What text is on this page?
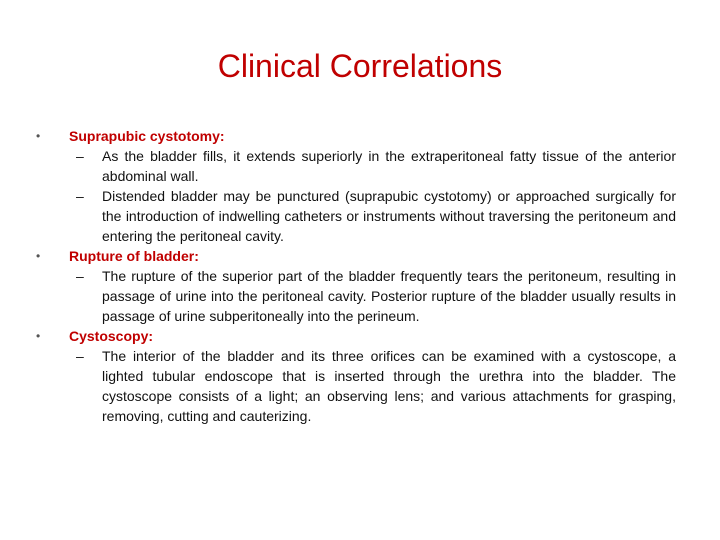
Clinical Correlations
• Suprapubic cystotomy:
– As the bladder fills, it extends superiorly in the extraperitoneal fatty tissue of the anterior abdominal wall.
– Distended bladder may be punctured (suprapubic cystotomy) or approached surgically for the introduction of indwelling catheters or instruments without traversing the peritoneum and entering the peritoneal cavity.
• Rupture of bladder:
– The rupture of the superior part of the bladder frequently tears the peritoneum, resulting in passage of urine into the peritoneal cavity. Posterior rupture of the bladder usually results in passage of urine subperitoneally into the perineum.
• Cystoscopy:
– The interior of the bladder and its three orifices can be examined with a cystoscope, a lighted tubular endoscope that is inserted through the urethra into the bladder. The cystoscope consists of a light; an observing lens; and various attachments for grasping, removing, cutting and cauterizing.
